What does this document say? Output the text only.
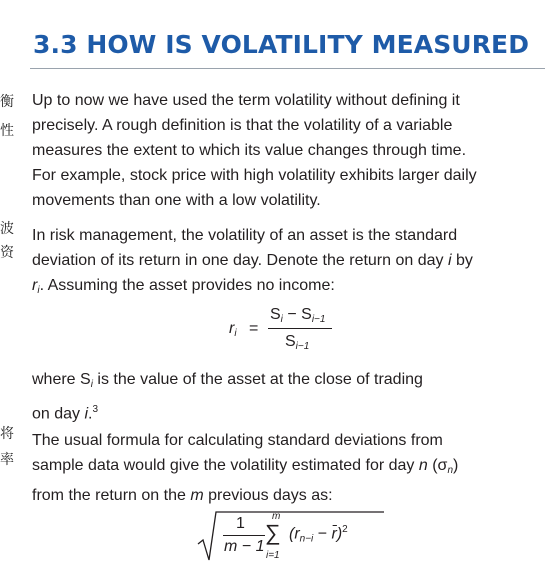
3.3 HOW IS VOLATILITY MEASURED
衡
性
波
资
将
率
Up to now we have used the term volatility without defining it
precisely. A rough definition is that the volatility of a variable
measures the extent to which its value changes through time.
For example, stock price with high volatility exhibits larger daily
movements than one with a low volatility.
In risk management, the volatility of an asset is the standard
deviation of its return in one day. Denote the return on day i by
$r_i$. Assuming the asset provides no income:
$r_i$ =
$S_i - S_{i-1}$
$S_{i-1}$
where $S_i$ is the value of the asset at the close of trading
on day i.$^3$
The usual formula for calculating standard deviations from
sample data would give the volatility estimated for day n $(\sigma_n)$
from the return on the m previous days as:
1
m − 1
m
∑
i=1
($r_{n-i}$ − r̄)$^2$
